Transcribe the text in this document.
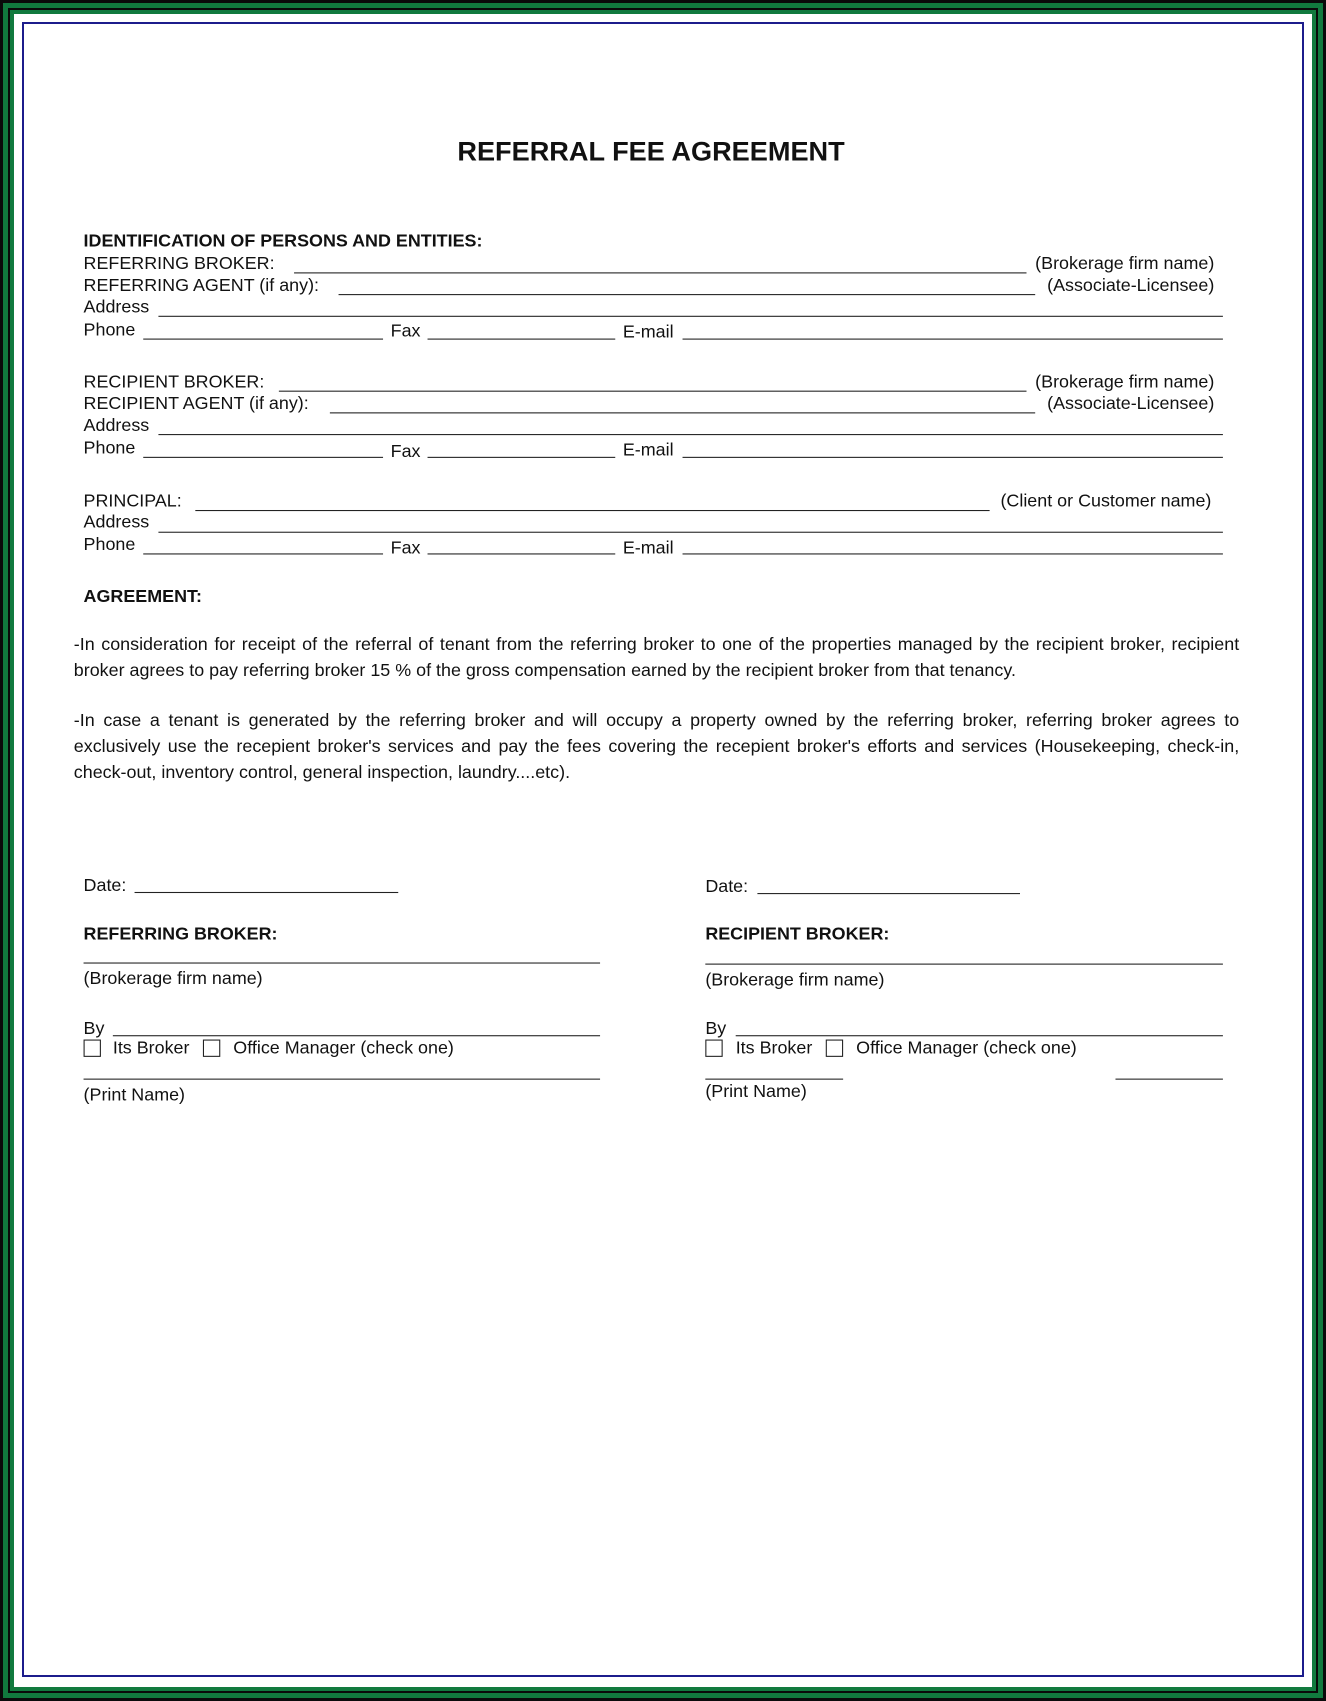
REFERRAL FEE AGREEMENT
IDENTIFICATION OF PERSONS AND ENTITIES:
REFERRING BROKER:	(Brokerage firm name)
REFERRING AGENT (if any):	(Associate-Licensee)
Address
Phone	Fax	E-mail
RECIPIENT BROKER:	(Brokerage firm name)
RECIPIENT AGENT (if any):	(Associate-Licensee)
Address
Phone	Fax	E-mail
PRINCIPAL:	(Client or Customer name)
Address
Phone	Fax	E-mail
AGREEMENT:
-In consideration for receipt of the referral of tenant from the referring broker to one of the properties managed by the recipient broker, recipient broker agrees to pay referring broker 15 % of the gross compensation earned by the recipient broker from that tenancy.
-In case a tenant is generated by the referring broker and will occupy a property owned by the referring broker, referring broker agrees to exclusively use the recepient broker's services and pay the fees covering the recepient broker's efforts and services (Housekeeping, check-in, check-out, inventory control, general inspection, laundry....etc).
Date:
REFERRING BROKER:
(Brokerage firm name)
By
Its Broker	Office Manager (check one)
(Print Name)
Date:
RECIPIENT BROKER:
(Brokerage firm name)
By
Its Broker	Office Manager (check one)
(Print Name)
